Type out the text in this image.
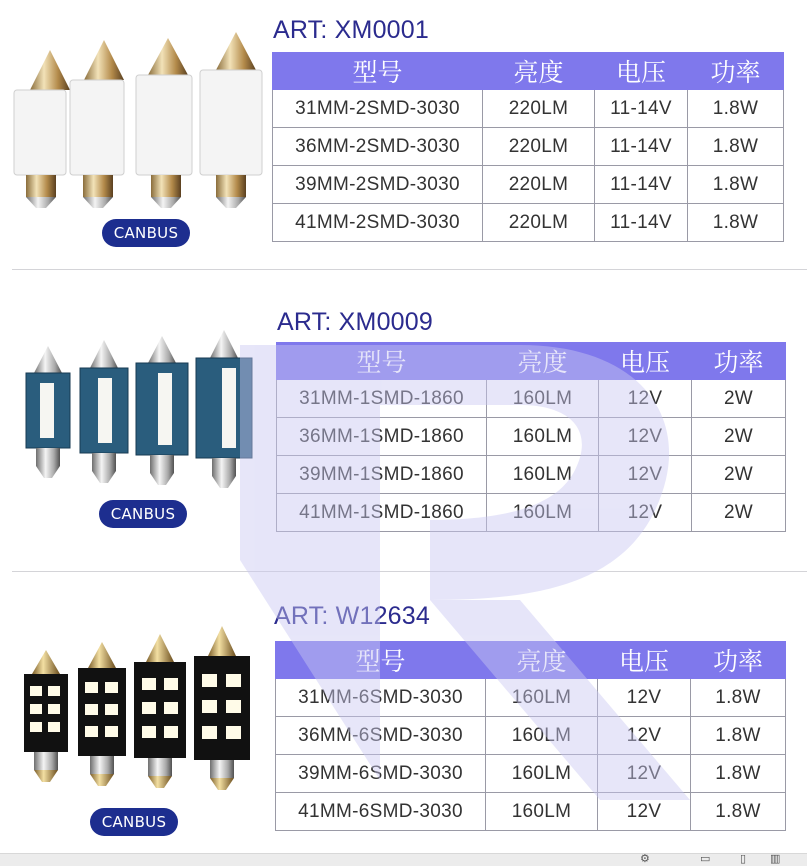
CANBUS
ART: XM0001
型号	亮度	电压	功率
31MM-2SMD-3030	220LM	11-14V	1.8W
36MM-2SMD-3030	220LM	11-14V	1.8W
39MM-2SMD-3030	220LM	11-14V	1.8W
41MM-2SMD-3030	220LM	11-14V	1.8W
CANBUS
ART: XM0009
型号	亮度	电压	功率
31MM-1SMD-1860	160LM	12V	2W
36MM-1SMD-1860	160LM	12V	2W
39MM-1SMD-1860	160LM	12V	2W
41MM-1SMD-1860	160LM	12V	2W
CANBUS
ART: W12634
型号	亮度	电压	功率
31MM-6SMD-3030	160LM	12V	1.8W
36MM-6SMD-3030	160LM	12V	1.8W
39MM-6SMD-3030	160LM	12V	1.8W
41MM-6SMD-3030	160LM	12V	1.8W
⚙	▭	▯ ▥
